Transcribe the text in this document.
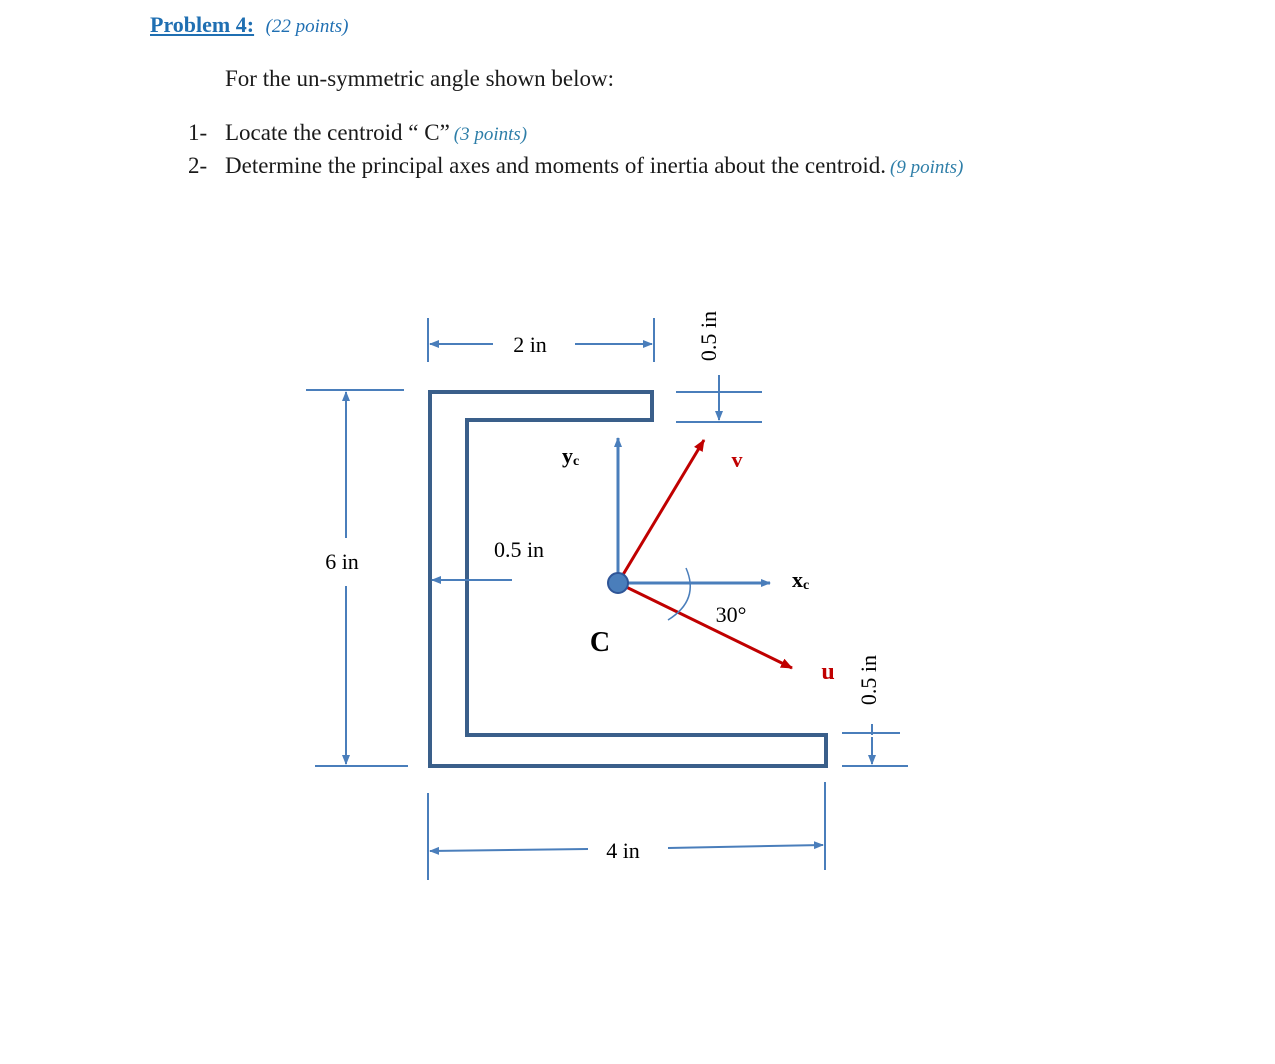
Problem 4: (22 points)
For the un-symmetric angle shown below:
1- Locate the centroid “ C” (3 points)
2- Determine the principal axes and moments of inertia about the centroid. (9 points)
2 in	0.5 in
6 in	0.5 in
4 in
0.5 in
yc
xc
v
u
30°
C
